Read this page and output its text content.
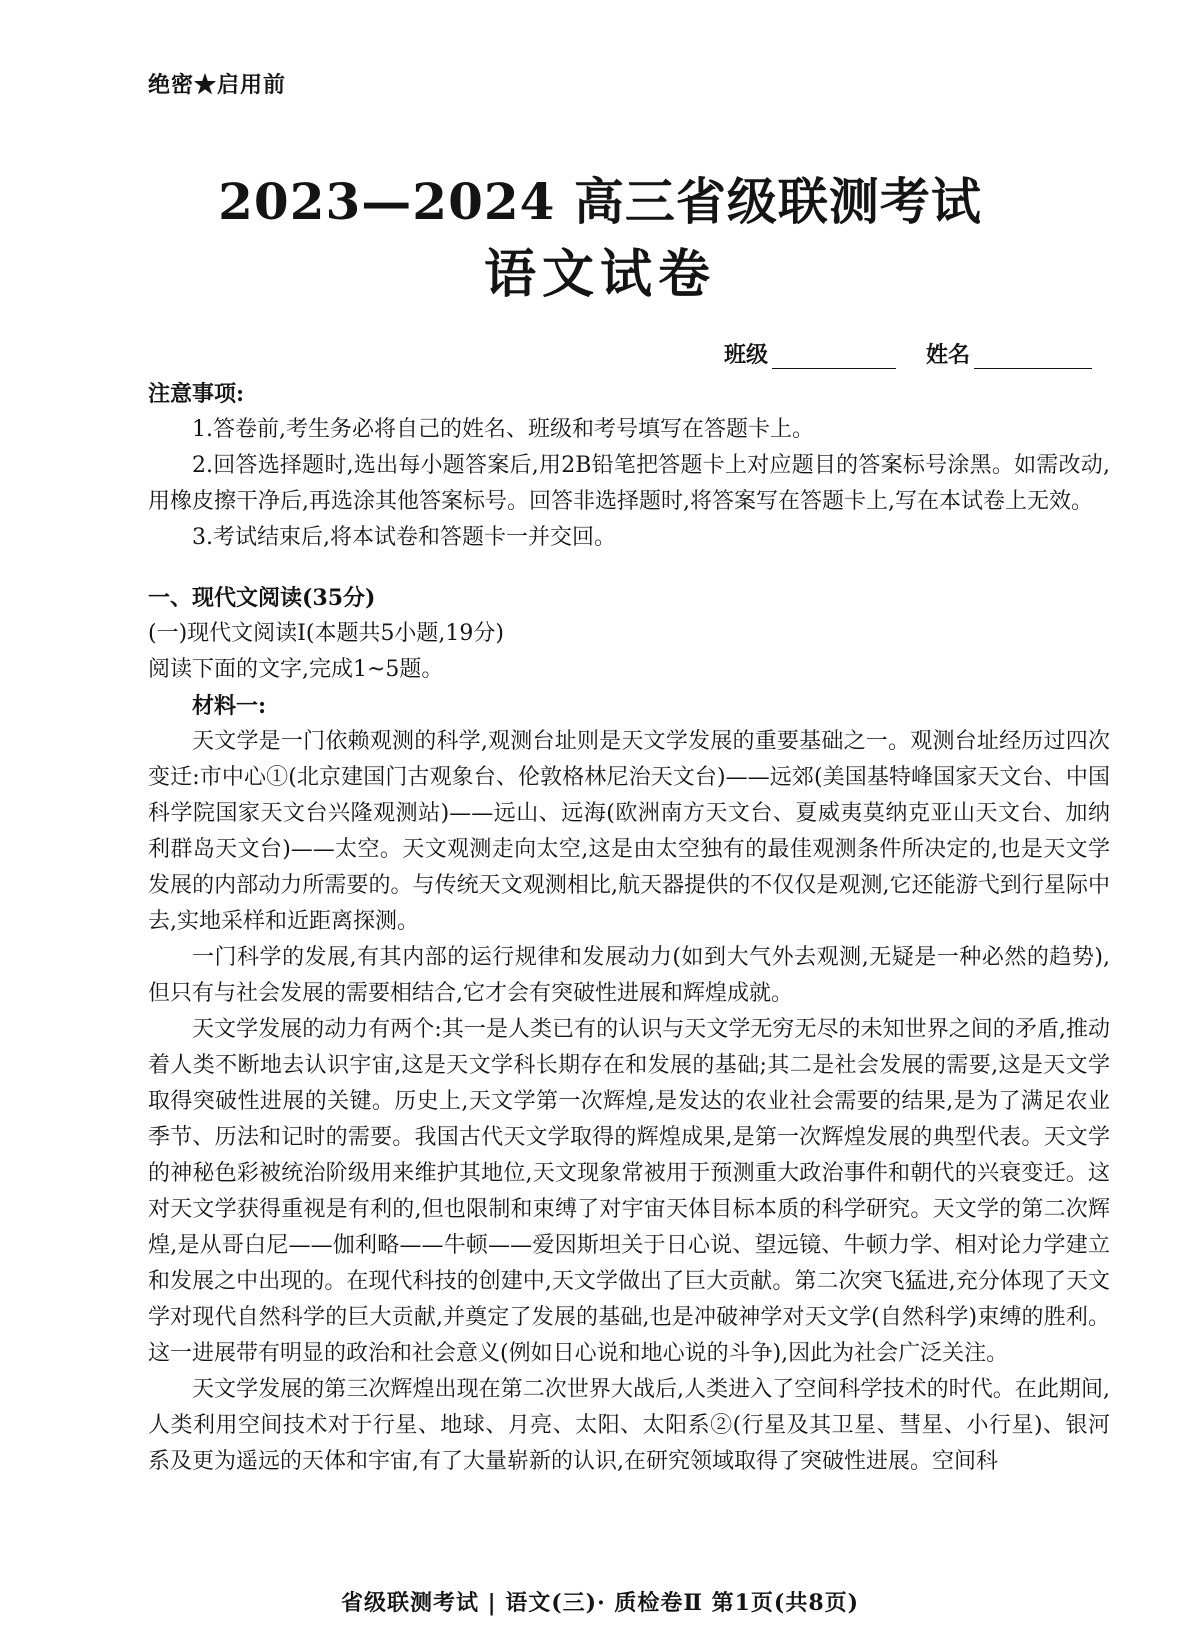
绝密★启用前
2023—2024 高三省级联测考试
语文试卷
班级	姓名

注意事项:

1.答卷前,考生务必将自己的姓名、班级和考号填写在答题卡上。

2.回答选择题时,选出每小题答案后,用2B铅笔把答题卡上对应题目的答案标号涂黑。如需改动,用橡皮擦干净后,再选涂其他答案标号。回答非选择题时,将答案写在答题卡上,写在本试卷上无效。

3.考试结束后,将本试卷和答题卡一并交回。

一、现代文阅读(35分)

(一)现代文阅读Ⅰ(本题共5小题,19分)

阅读下面的文字,完成1~5题。

材料一:

天文学是一门依赖观测的科学,观测台址则是天文学发展的重要基础之一。观测台址经历过四次变迁:市中心①(北京建国门古观象台、伦敦格林尼治天文台)——远郊(美国基特峰国家天文台、中国科学院国家天文台兴隆观测站)——远山、远海(欧洲南方天文台、夏威夷莫纳克亚山天文台、加纳利群岛天文台)——太空。天文观测走向太空,这是由太空独有的最佳观测条件所决定的,也是天文学发展的内部动力所需要的。与传统天文观测相比,航天器提供的不仅仅是观测,它还能游弋到行星际中去,实地采样和近距离探测。

一门科学的发展,有其内部的运行规律和发展动力(如到大气外去观测,无疑是一种必然的趋势),但只有与社会发展的需要相结合,它才会有突破性进展和辉煌成就。

天文学发展的动力有两个:其一是人类已有的认识与天文学无穷无尽的未知世界之间的矛盾,推动着人类不断地去认识宇宙,这是天文学科长期存在和发展的基础;其二是社会发展的需要,这是天文学取得突破性进展的关键。历史上,天文学第一次辉煌,是发达的农业社会需要的结果,是为了满足农业季节、历法和记时的需要。我国古代天文学取得的辉煌成果,是第一次辉煌发展的典型代表。天文学的神秘色彩被统治阶级用来维护其地位,天文现象常被用于预测重大政治事件和朝代的兴衰变迁。这对天文学获得重视是有利的,但也限制和束缚了对宇宙天体目标本质的科学研究。天文学的第二次辉煌,是从哥白尼——伽利略——牛顿——爱因斯坦关于日心说、望远镜、牛顿力学、相对论力学建立和发展之中出现的。在现代科技的创建中,天文学做出了巨大贡献。第二次突飞猛进,充分体现了天文学对现代自然科学的巨大贡献,并奠定了发展的基础,也是冲破神学对天文学(自然科学)束缚的胜利。这一进展带有明显的政治和社会意义(例如日心说和地心说的斗争),因此为社会广泛关注。

天文学发展的第三次辉煌出现在第二次世界大战后,人类进入了空间科学技术的时代。在此期间,人类利用空间技术对于行星、地球、月亮、太阳、太阳系②(行星及其卫星、彗星、小行星)、银河系及更为遥远的天体和宇宙,有了大量崭新的认识,在研究领域取得了突破性进展。空间科

省级联测考试 | 语文(三)· 质检卷Ⅱ 第1页(共8页)
